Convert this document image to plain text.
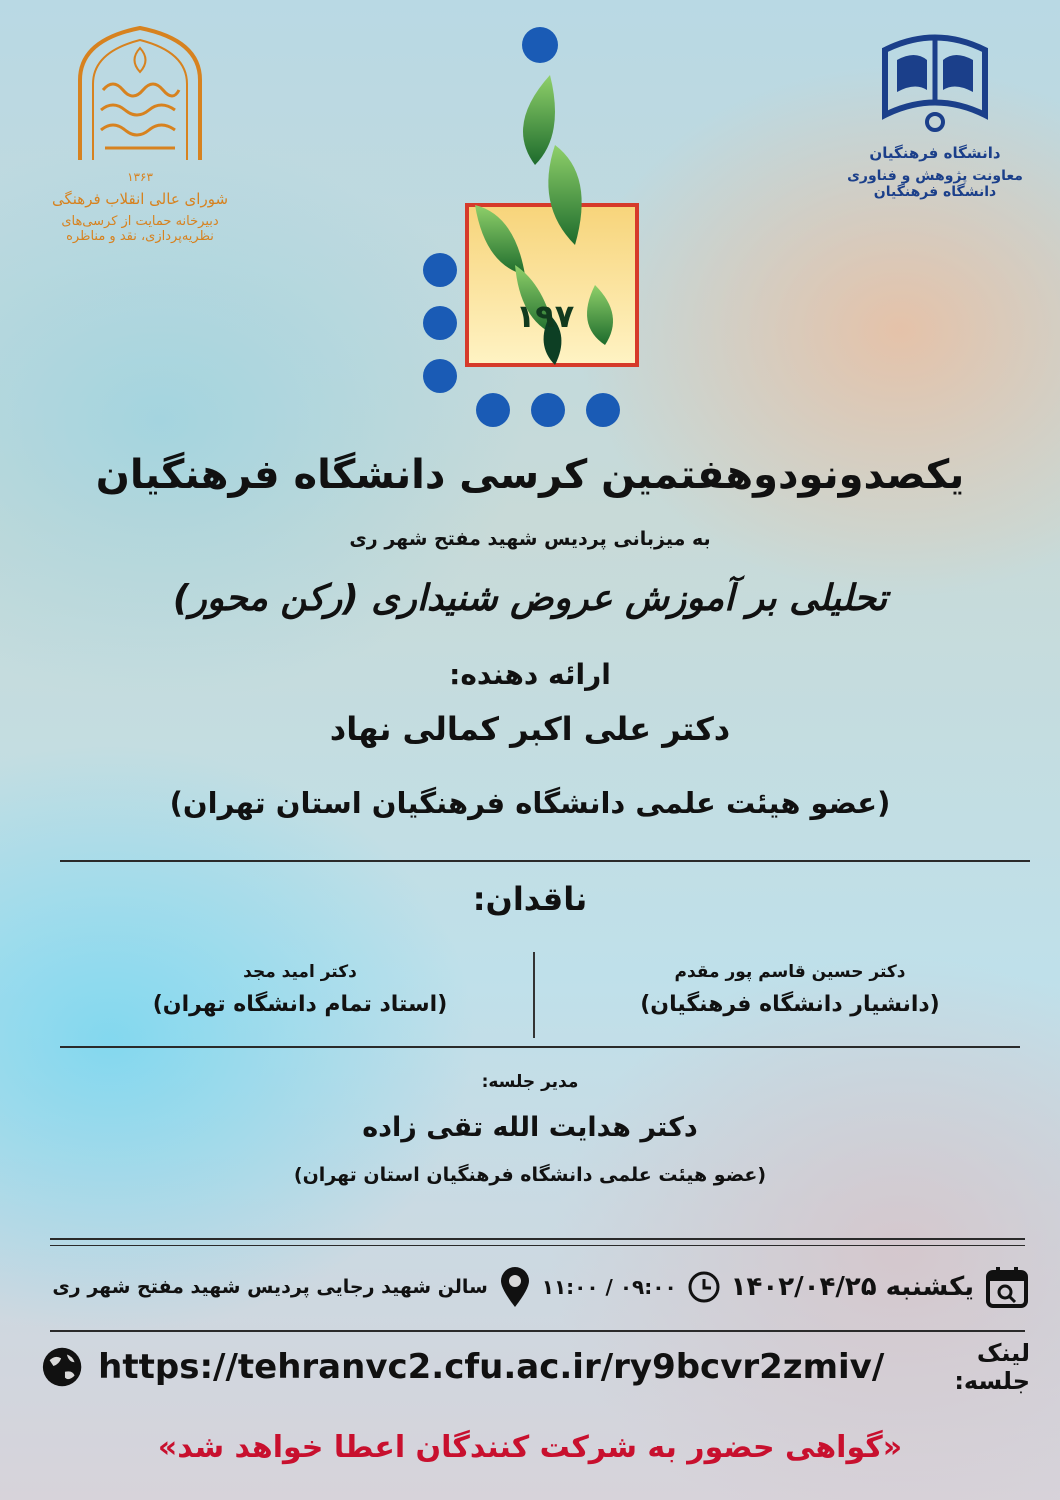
۱۳۶۳
شورای عالی انقلاب فرهنگی
دبیرخانه حمایت از کرسی‌های نظریه‌پردازی، نقد و مناظره
دانشگاه فرهنگیان
معاونت پژوهش و فناوری دانشگاه فرهنگیان
۱۹۷
یکصدونودوهفتمین کرسی دانشگاه فرهنگیان
به میزبانی پردیس شهید مفتح شهر ری
تحلیلی بر آموزش عروض شنیداری (رکن محور)
ارائه دهنده:
دکتر علی اکبر کمالی نهاد
(عضو هیئت علمی دانشگاه فرهنگیان استان تهران)
ناقدان:
دکتر حسین قاسم پور مقدم
(دانشیار دانشگاه فرهنگیان)
دکتر امید مجد
(استاد تمام دانشگاه تهران)
مدیر جلسه:
دکتر هدایت الله تقی زاده
(عضو هیئت علمی دانشگاه فرهنگیان استان تهران)
یکشنبه ۱۴۰۲/۰۴/۲۵
۰۹:۰۰ / ۱۱:۰۰
سالن شهید رجایی پردیس شهید مفتح شهر ری
لینک جلسه:
https://tehranvc2.cfu.ac.ir/ry9bcvr2zmiv/
«گواهی حضور به شرکت کنندگان اعطا خواهد شد»
